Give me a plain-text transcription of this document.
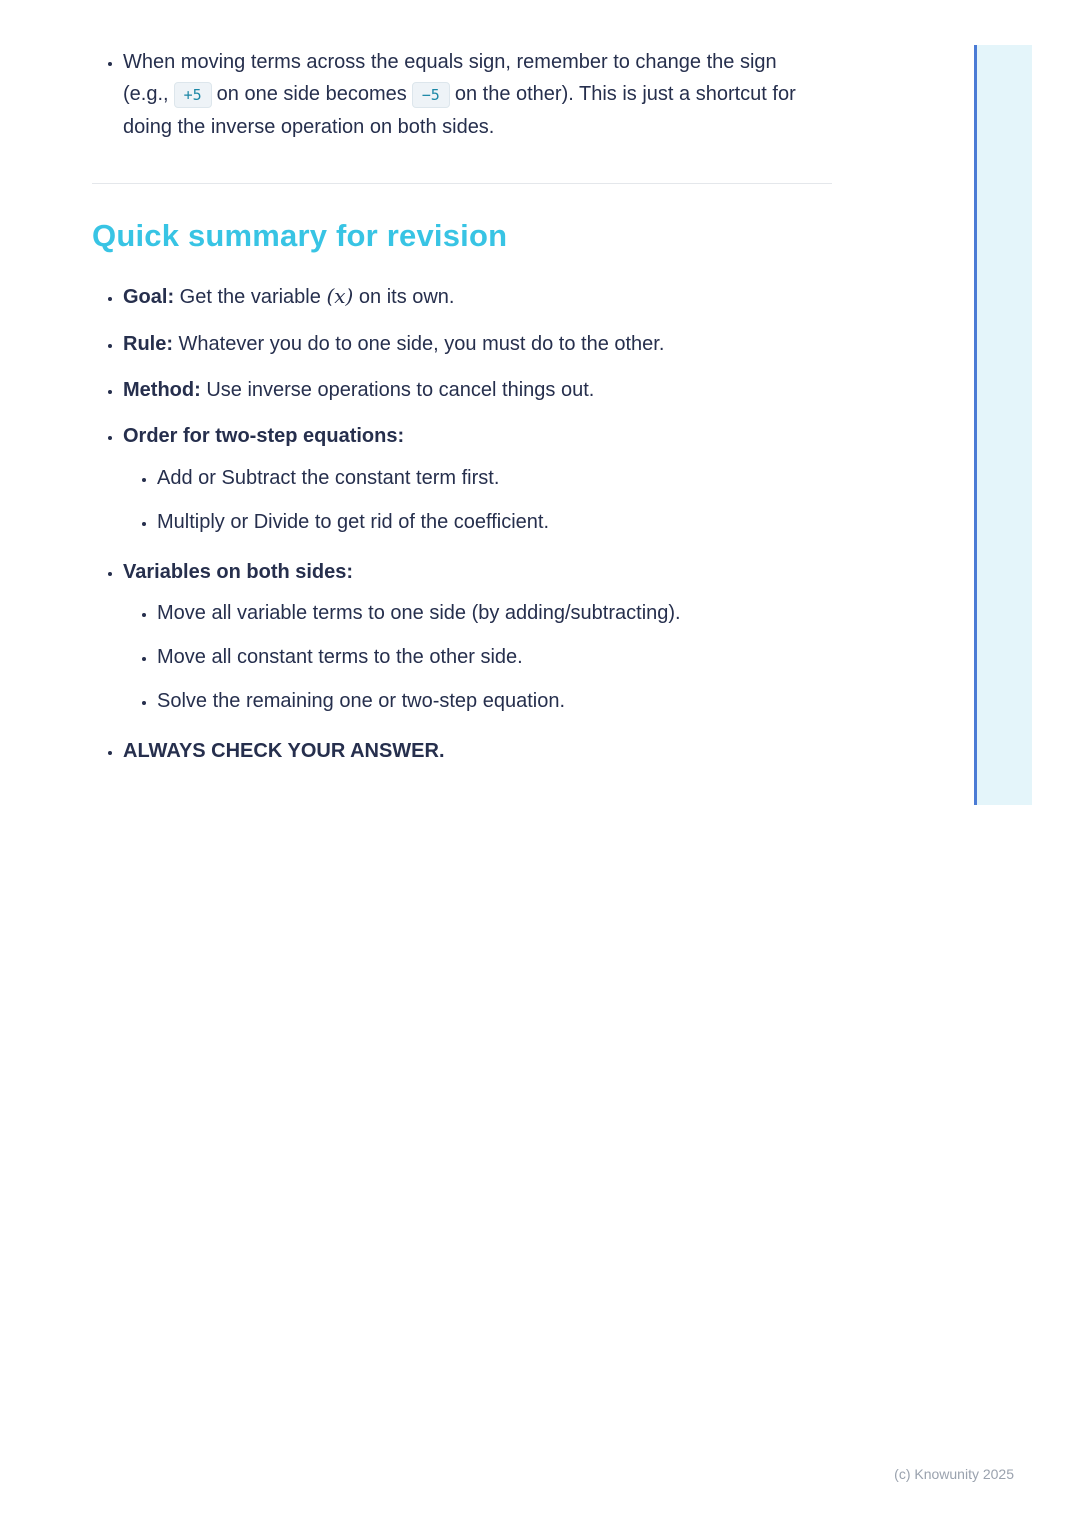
• When moving terms across the equals sign, remember to change the sign (e.g., +5 on one side becomes −5 on the other). This is just a shortcut for doing the inverse operation on both sides.
Quick summary for revision
• Goal: Get the variable (x) on its own.
• Rule: Whatever you do to one side, you must do to the other.
• Method: Use inverse operations to cancel things out.
• Order for two-step equations:
• Add or Subtract the constant term first.
• Multiply or Divide to get rid of the coefficient.
• Variables on both sides:
• Move all variable terms to one side (by adding/subtracting).
• Move all constant terms to the other side.
• Solve the remaining one or two-step equation.
• ALWAYS CHECK YOUR ANSWER.
(c) Knowunity 2025
